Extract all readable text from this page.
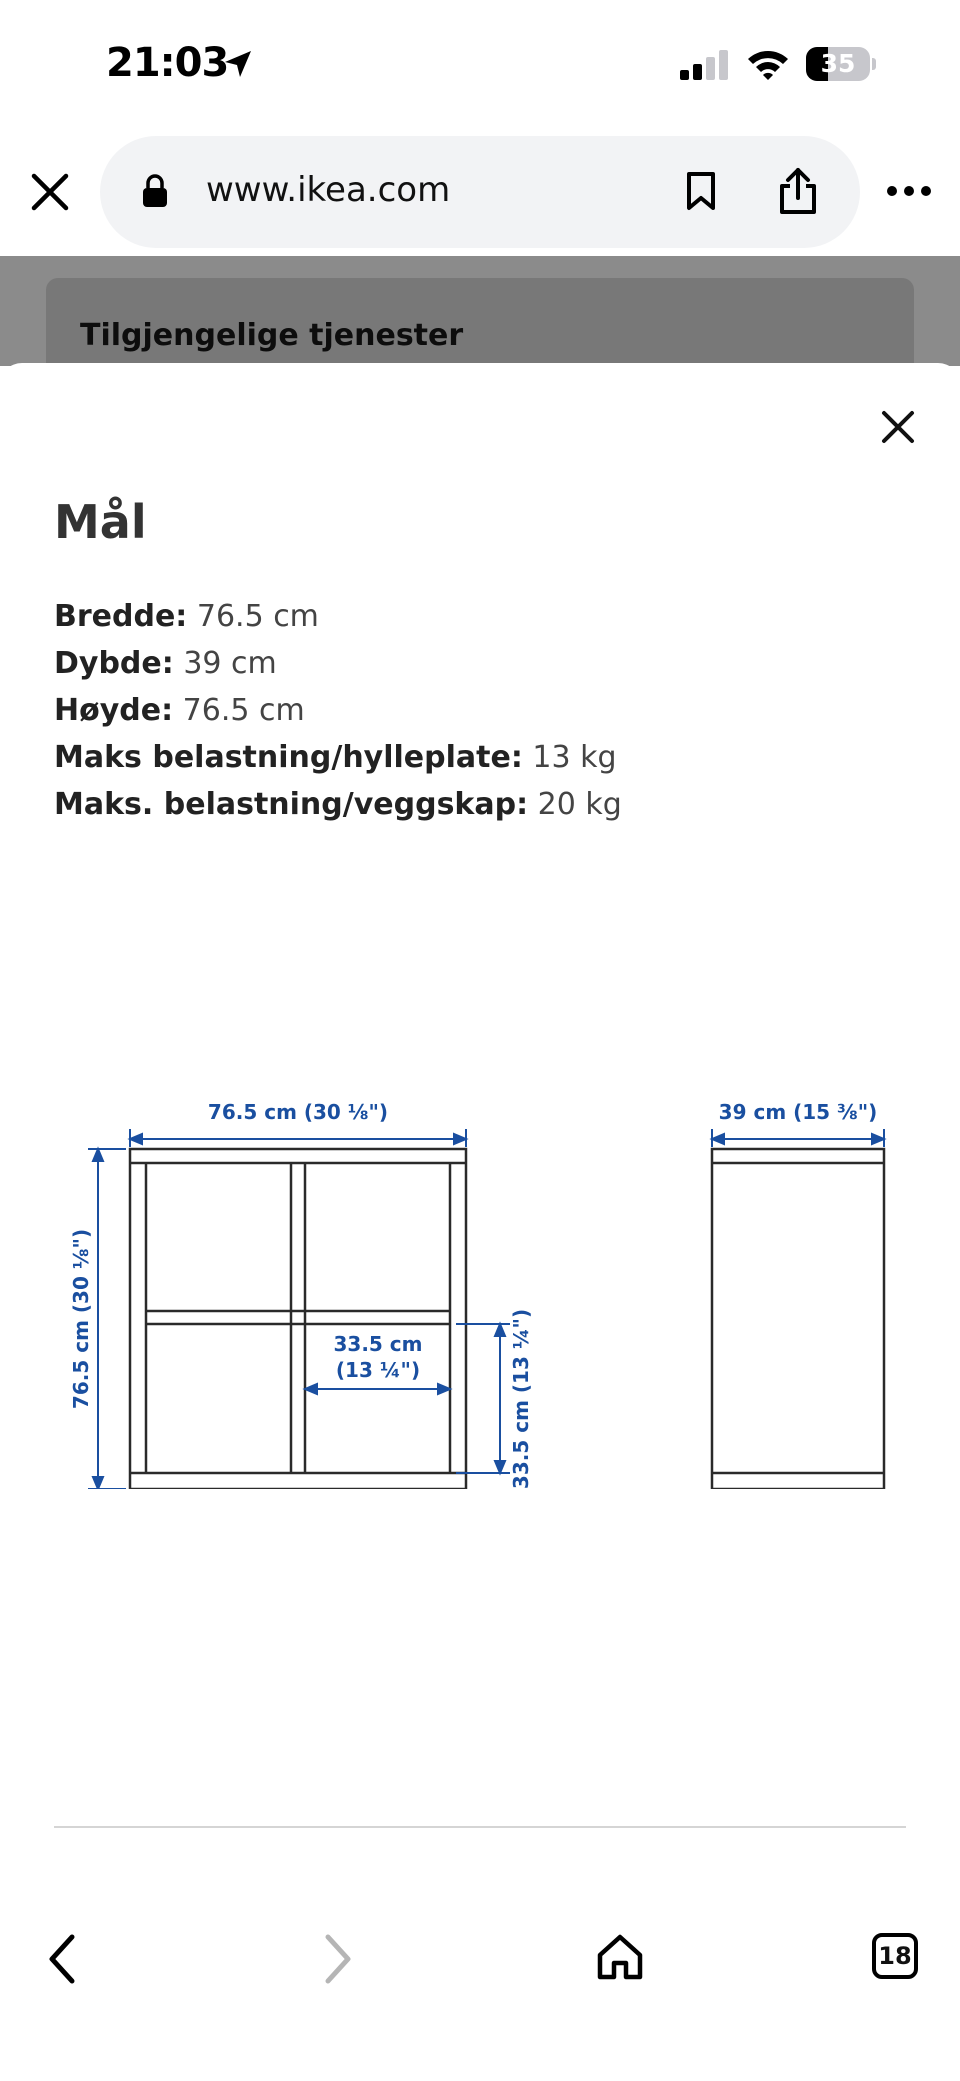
21:03	35
www.ikea.com
Tilgjengelige tjenester
Mål
Bredde: 76.5 cm
Dybde: 39 cm
Høyde: 76.5 cm
Maks belastning/hylleplate: 13 kg
Maks. belastning/veggskap: 20 kg
76.5 cm (30 ⅛")
76.5 cm (30 ⅛")	33.5 cm
(13 ¼")	33.5 cm (13 ¼")
39 cm (15 ⅜")
18
